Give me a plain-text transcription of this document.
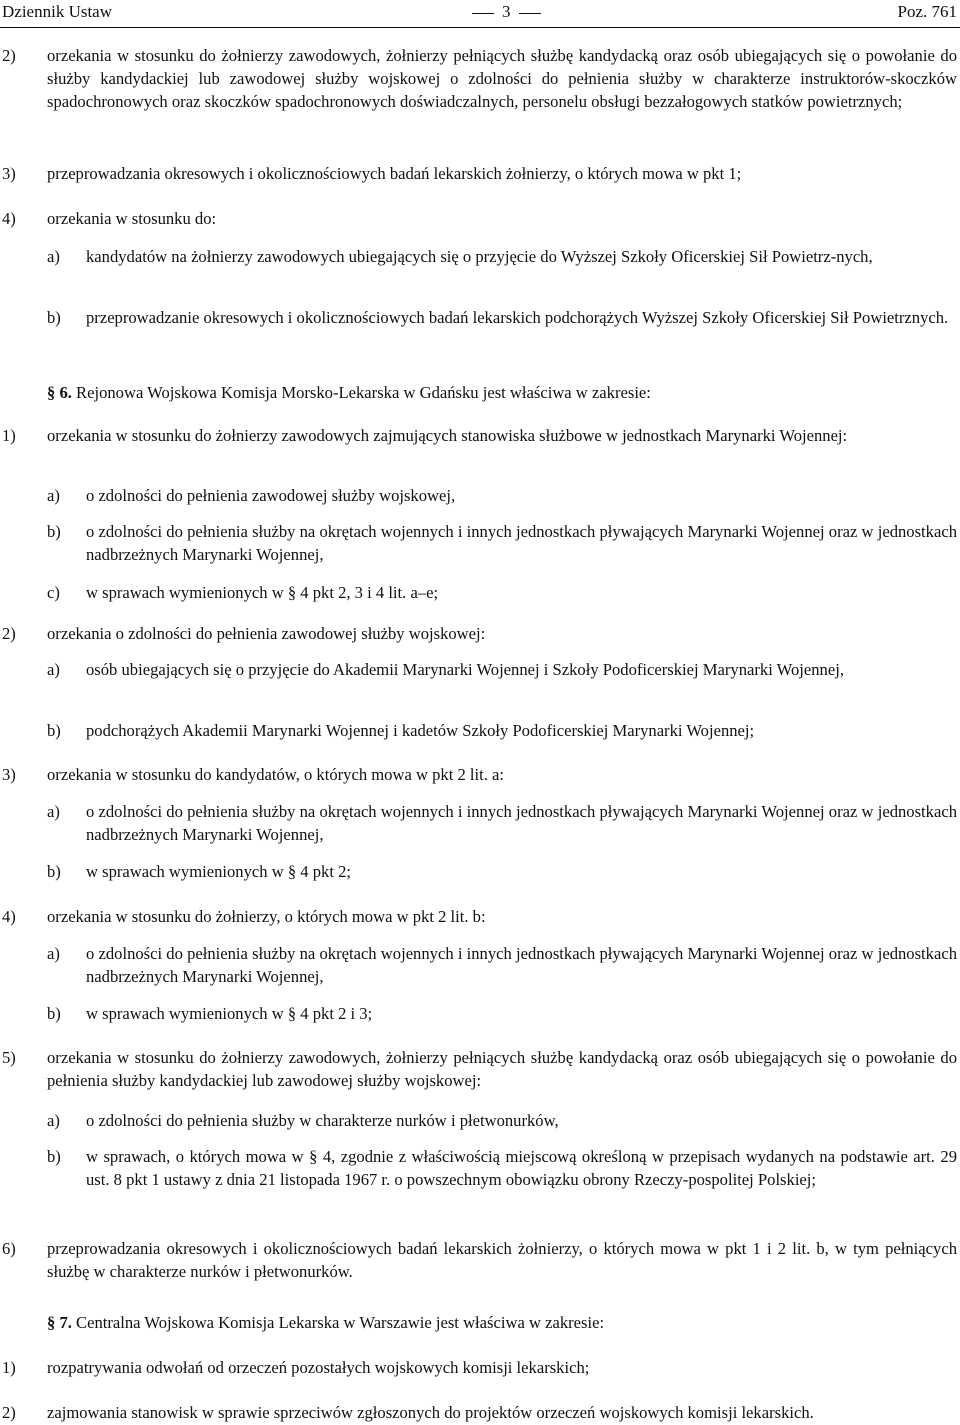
Dziennik Ustaw	3	Poz. 761
2) orzekania w stosunku do żołnierzy zawodowych, żołnierzy pełniących służbę kandydacką oraz osób ubiegających się o powołanie do służby kandydackiej lub zawodowej służby wojskowej o zdolności do pełnienia służby w charakterze instruktorów-skoczków spadochronowych oraz skoczków spadochronowych doświadczalnych, personelu obsługi bezzałogowych statków powietrznych;
3) przeprowadzania okresowych i okolicznościowych badań lekarskich żołnierzy, o których mowa w pkt 1;
4) orzekania w stosunku do:
a) kandydatów na żołnierzy zawodowych ubiegających się o przyjęcie do Wyższej Szkoły Oficerskiej Sił Powietrz-nych,
b) przeprowadzanie okresowych i okolicznościowych badań lekarskich podchorążych Wyższej Szkoły Oficerskiej Sił Powietrznych.
§ 6. Rejonowa Wojskowa Komisja Morsko-Lekarska w Gdańsku jest właściwa w zakresie:
1) orzekania w stosunku do żołnierzy zawodowych zajmujących stanowiska służbowe w jednostkach Marynarki Wojennej:
a) o zdolności do pełnienia zawodowej służby wojskowej,
b) o zdolności do pełnienia służby na okrętach wojennych i innych jednostkach pływających Marynarki Wojennej oraz w jednostkach nadbrzeżnych Marynarki Wojennej,
c) w sprawach wymienionych w § 4 pkt 2, 3 i 4 lit. a–e;
2) orzekania o zdolności do pełnienia zawodowej służby wojskowej:
a) osób ubiegających się o przyjęcie do Akademii Marynarki Wojennej i Szkoły Podoficerskiej Marynarki Wojennej,
b) podchorążych Akademii Marynarki Wojennej i kadetów Szkoły Podoficerskiej Marynarki Wojennej;
3) orzekania w stosunku do kandydatów, o których mowa w pkt 2 lit. a:
a) o zdolności do pełnienia służby na okrętach wojennych i innych jednostkach pływających Marynarki Wojennej oraz w jednostkach nadbrzeżnych Marynarki Wojennej,
b) w sprawach wymienionych w § 4 pkt 2;
4) orzekania w stosunku do żołnierzy, o których mowa w pkt 2 lit. b:
a) o zdolności do pełnienia służby na okrętach wojennych i innych jednostkach pływających Marynarki Wojennej oraz w jednostkach nadbrzeżnych Marynarki Wojennej,
b) w sprawach wymienionych w § 4 pkt 2 i 3;
5) orzekania w stosunku do żołnierzy zawodowych, żołnierzy pełniących służbę kandydacką oraz osób ubiegających się o powołanie do pełnienia służby kandydackiej lub zawodowej służby wojskowej:
a) o zdolności do pełnienia służby w charakterze nurków i płetwonurków,
b) w sprawach, o których mowa w § 4, zgodnie z właściwością miejscową określoną w przepisach wydanych na podstawie art. 29 ust. 8 pkt 1 ustawy z dnia 21 listopada 1967 r. o powszechnym obowiązku obrony Rzeczy-pospolitej Polskiej;
6) przeprowadzania okresowych i okolicznościowych badań lekarskich żołnierzy, o których mowa w pkt 1 i 2 lit. b, w tym pełniących służbę w charakterze nurków i płetwonurków.
§ 7. Centralna Wojskowa Komisja Lekarska w Warszawie jest właściwa w zakresie:
1) rozpatrywania odwołań od orzeczeń pozostałych wojskowych komisji lekarskich;
2) zajmowania stanowisk w sprawie sprzeciwów zgłoszonych do projektów orzeczeń wojskowych komisji lekarskich.
